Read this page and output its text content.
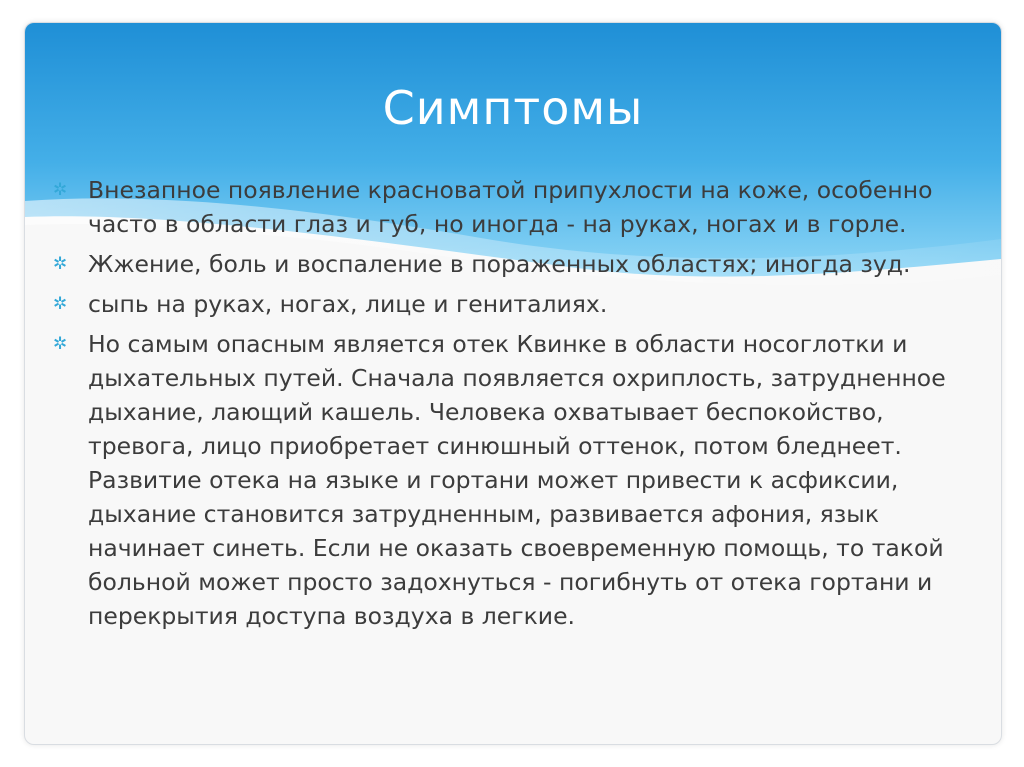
Симптомы
✲ Внезапное появление красноватой припухлости на коже, особенно часто в области глаз и губ, но иногда - на руках, ногах и в горле.
✲ Жжение, боль и воспаление в пораженных областях; иногда зуд.
✲ сыпь на руках, ногах, лице и гениталиях.
✲ Но самым опасным является отек Квинке в области носоглотки и дыхательных путей. Сначала появляется охриплость, затрудненное дыхание, лающий кашель. Человека охватывает беспокойство, тревога, лицо приобретает синюшный оттенок, потом бледнеет. Развитие отека на языке и гортани может привести к асфиксии, дыхание становится затрудненным, развивается афония, язык начинает синеть. Если не оказать своевременную помощь, то такой больной может просто задохнуться - погибнуть от отека гортани и перекрытия доступа воздуха в легкие.
